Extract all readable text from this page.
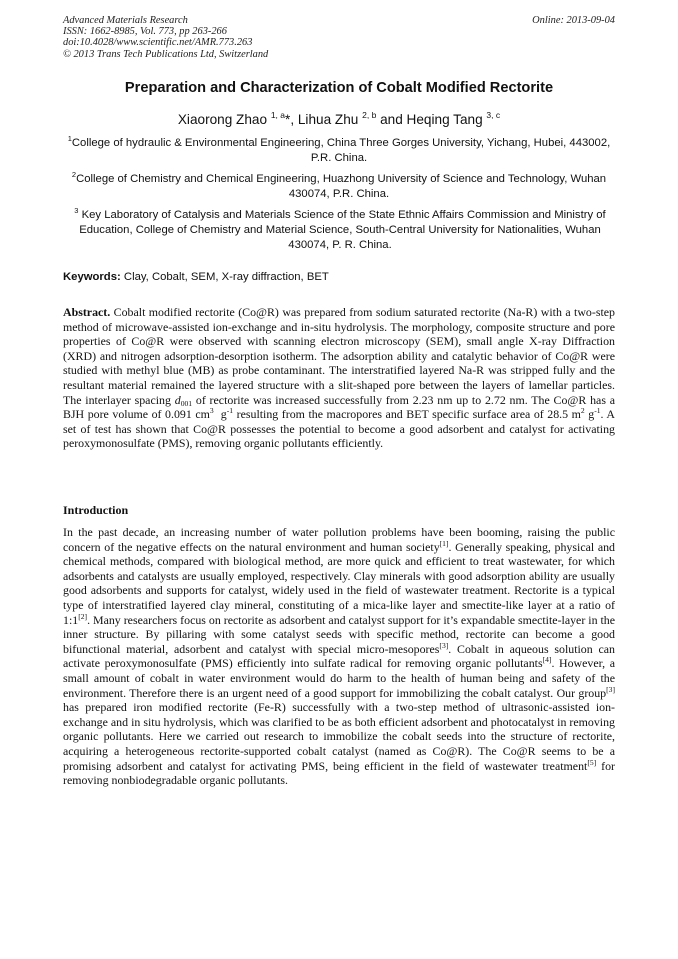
Advanced Materials Research
ISSN: 1662-8985, Vol. 773, pp 263-266
doi:10.4028/www.scientific.net/AMR.773.263
© 2013 Trans Tech Publications Ltd, Switzerland
Online: 2013-09-04
Preparation and Characterization of Cobalt Modified Rectorite
Xiaorong Zhao $^{1, a}$*, Lihua Zhu $^{2, b}$ and Heqing Tang $^{3, c}$
$^1$College of hydraulic & Environmental Engineering, China Three Gorges University, Yichang, Hubei, 443002, P.R. China.
$^2$College of Chemistry and Chemical Engineering, Huazhong University of Science and Technology, Wuhan 430074, P.R. China.
$^3$ Key Laboratory of Catalysis and Materials Science of the State Ethnic Affairs Commission and Ministry of Education, College of Chemistry and Material Science, South-Central University for Nationalities, Wuhan 430074, P. R. China.
Keywords: Clay, Cobalt, SEM, X-ray diffraction, BET
Abstract. Cobalt modified rectorite (Co@R) was prepared from sodium saturated rectorite (Na-R) with a two-step method of microwave-assisted ion-exchange and in-situ hydrolysis. The morphology, composite structure and pore properties of Co@R were observed with scanning electron microscopy (SEM), small angle X-ray Diffraction (XRD) and nitrogen adsorption-desorption isotherm. The adsorption ability and catalytic behavior of Co@R were studied with methyl blue (MB) as probe contaminant. The interstratified layered Na-R was stripped fully and the resultant material remained the layered structure with a slit-shaped pore between the layers of lamellar particles. The interlayer spacing $d_{001}$ of rectorite was increased successfully from 2.23 nm up to 2.72 nm. The Co@R has a BJH pore volume of 0.091 $cm^3$ $g^{-1}$ resulting from the macropores and BET specific surface area of 28.5 $m^2$ $g^{-1}$. A set of test has shown that Co@R possesses the potential to become a good adsorbent and catalyst for activating peroxymonosulfate (PMS), removing organic pollutants efficiently.
Introduction
In the past decade, an increasing number of water pollution problems have been booming, raising the public concern of the negative effects on the natural environment and human society[1]. Generally speaking, physical and chemical methods, compared with biological method, are more quick and efficient to treat wastewater, for which adsorbents and catalysts are usually employed, respectively. Clay minerals with good adsorption ability are usually good adsorbents and supports for catalyst, widely used in the field of wastewater treatment. Rectorite is a typical type of interstratified layered clay mineral, constituting of a mica-like layer and smectite-like layer at a ratio of 1:1[2]. Many researchers focus on rectorite as adsorbent and catalyst support for it’s expandable smectite-layer in the inner structure. By pillaring with some catalyst seeds with specific method, rectorite can become a good bifunctional material, adsorbent and catalyst with special micro-mesopores[3]. Cobalt in aqueous solution can activate peroxymonosulfate (PMS) efficiently into sulfate radical for removing organic pollutants[4]. However, a small amount of cobalt in water environment would do harm to the health of human being and safety of the environment. Therefore there is an urgent need of a good support for immobilizing the cobalt catalyst. Our group[3] has prepared iron modified rectorite (Fe-R) successfully with a two-step method of ultrasonic-assisted ion-exchange and in situ hydrolysis, which was clarified to be as both efficient adsorbent and photocatalyst in removing organic pollutants. Here we carried out research to immobilize the cobalt seeds into the structure of rectorite, acquiring a heterogeneous rectorite-supported cobalt catalyst (named as Co@R). The Co@R seems to be a promising adsorbent and catalyst for activating PMS, being efficient in the field of wastewater treatment[5] for removing nonbiodegradable organic pollutants.
